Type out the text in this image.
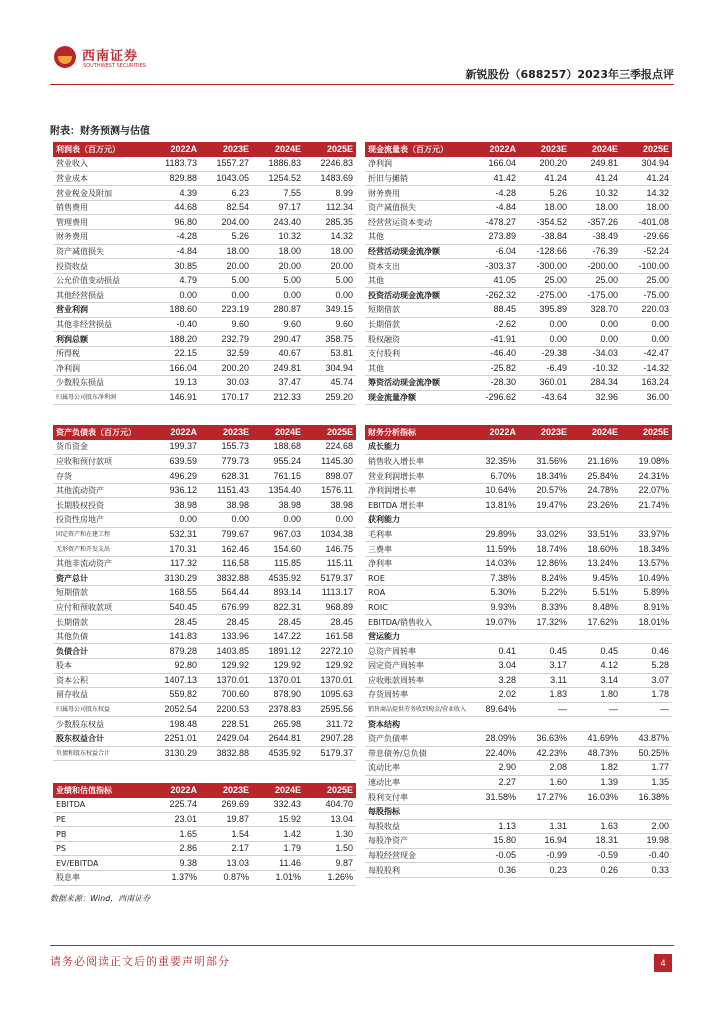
西南证券
SOUTHWEST SECURITIES
新锐股份（688257）2023年三季报点评
附表：财务预测与估值
利润表（百万元）	2022A	2023E	2024E	2025E
营业收入	1183.73	1557.27	1886.83	2246.83
营业成本	829.88	1043.05	1254.52	1483.69
营业税金及附加	4.39	6.23	7.55	8.99
销售费用	44.68	82.54	97.17	112.34
管理费用	96.80	204.00	243.40	285.35
财务费用	-4.28	5.26	10.32	14.32
资产减值损失	-4.84	18.00	18.00	18.00
投资收益	30.85	20.00	20.00	20.00
公允价值变动损益	4.79	5.00	5.00	5.00
其他经营损益	0.00	0.00	0.00	0.00
营业利润	188.60	223.19	280.87	349.15
其他非经营损益	-0.40	9.60	9.60	9.60
利润总额	188.20	232.79	290.47	358.75
所得税	22.15	32.59	40.67	53.81
净利润	166.04	200.20	249.81	304.94
少数股东损益	19.13	30.03	37.47	45.74
归属母公司股东净利润	146.91	170.17	212.33	259.20
现金流量表（百万元）	2022A	2023E	2024E	2025E
净利润	166.04	200.20	249.81	304.94
折旧与摊销	41.42	41.24	41.24	41.24
财务费用	-4.28	5.26	10.32	14.32
资产减值损失	-4.84	18.00	18.00	18.00
经营营运资本变动	-478.27	-354.52	-357.26	-401.08
其他	273.89	-38.84	-38.49	-29.66
经营活动现金流净额	-6.04	-128.66	-76.39	-52.24
资本支出	-303.37	-300.00	-200.00	-100.00
其他	41.05	25.00	25.00	25.00
投资活动现金流净额	-262.32	-275.00	-175.00	-75.00
短期借款	88.45	395.89	328.70	220.03
长期借款	-2.62	0.00	0.00	0.00
股权融资	-41.91	0.00	0.00	0.00
支付股利	-46.40	-29.38	-34.03	-42.47
其他	-25.82	-6.49	-10.32	-14.32
筹资活动现金流净额	-28.30	360.01	284.34	163.24
现金流量净额	-296.62	-43.64	32.96	36.00
资产负债表（百万元）	2022A	2023E	2024E	2025E
货币资金	199.37	155.73	188.68	224.68
应收和预付款项	639.59	779.73	955.24	1145.30
存货	496.29	628.31	761.15	898.07
其他流动资产	936.12	1151.43	1354.40	1576.11
长期股权投资	38.98	38.98	38.98	38.98
投资性房地产	0.00	0.00	0.00	0.00
固定资产和在建工程	532.31	799.67	967.03	1034.38
无形资产和开发支出	170.31	162.46	154.60	146.75
其他非流动资产	117.32	116.58	115.85	115.11
资产总计	3130.29	3832.88	4535.92	5179.37
短期借款	168.55	564.44	893.14	1113.17
应付和预收款项	540.45	676.99	822.31	968.89
长期借款	28.45	28.45	28.45	28.45
其他负债	141.83	133.96	147.22	161.58
负债合计	879.28	1403.85	1891.12	2272.10
股本	92.80	129.92	129.92	129.92
资本公积	1407.13	1370.01	1370.01	1370.01
留存收益	559.82	700.60	878.90	1095.63
归属母公司股东权益	2052.54	2200.53	2378.83	2595.56
少数股东权益	198.48	228.51	265.98	311.72
股东权益合计	2251.01	2429.04	2644.81	2907.28
负债和股东权益合计	3130.29	3832.88	4535.92	5179.37
财务分析指标	2022A	2023E	2024E	2025E
成长能力				
销售收入增长率	32.35%	31.56%	21.16%	19.08%
营业利润增长率	6.70%	18.34%	25.84%	24.31%
净利润增长率	10.64%	20.57%	24.78%	22.07%
EBITDA 增长率	13.81%	19.47%	23.26%	21.74%
获利能力				
毛利率	29.89%	33.02%	33.51%	33.97%
三费率	11.59%	18.74%	18.60%	18.34%
净利率	14.03%	12.86%	13.24%	13.57%
ROE	7.38%	8.24%	9.45%	10.49%
ROA	5.30%	5.22%	5.51%	5.89%
ROIC	9.93%	8.33%	8.48%	8.91%
EBITDA/销售收入	19.07%	17.32%	17.62%	18.01%
营运能力				
总资产周转率	0.41	0.45	0.45	0.46
固定资产周转率	3.04	3.17	4.12	5.28
应收账款周转率	3.28	3.11	3.14	3.07
存货周转率	2.02	1.83	1.80	1.78
销售商品提供劳务收到现金/营业收入	89.64%	—	—	—
资本结构				
资产负债率	28.09%	36.63%	41.69%	43.87%
带息债务/总负债	22.40%	42.23%	48.73%	50.25%
流动比率	2.90	2.08	1.82	1.77
速动比率	2.27	1.60	1.39	1.35
股利支付率	31.58%	17.27%	16.03%	16.38%
每股指标				
每股收益	1.13	1.31	1.63	2.00
每股净资产	15.80	16.94	18.31	19.98
每股经营现金	-0.05	-0.99	-0.59	-0.40
每股股利	0.36	0.23	0.26	0.33
业绩和估值指标	2022A	2023E	2024E	2025E
EBITDA	225.74	269.69	332.43	404.70
PE	23.01	19.87	15.92	13.04
PB	1.65	1.54	1.42	1.30
PS	2.86	2.17	1.79	1.50
EV/EBITDA	9.38	13.03	11.46	9.87
股息率	1.37%	0.87%	1.01%	1.26%
数据来源：Wind，西南证券
请务必阅读正文后的重要声明部分	4
